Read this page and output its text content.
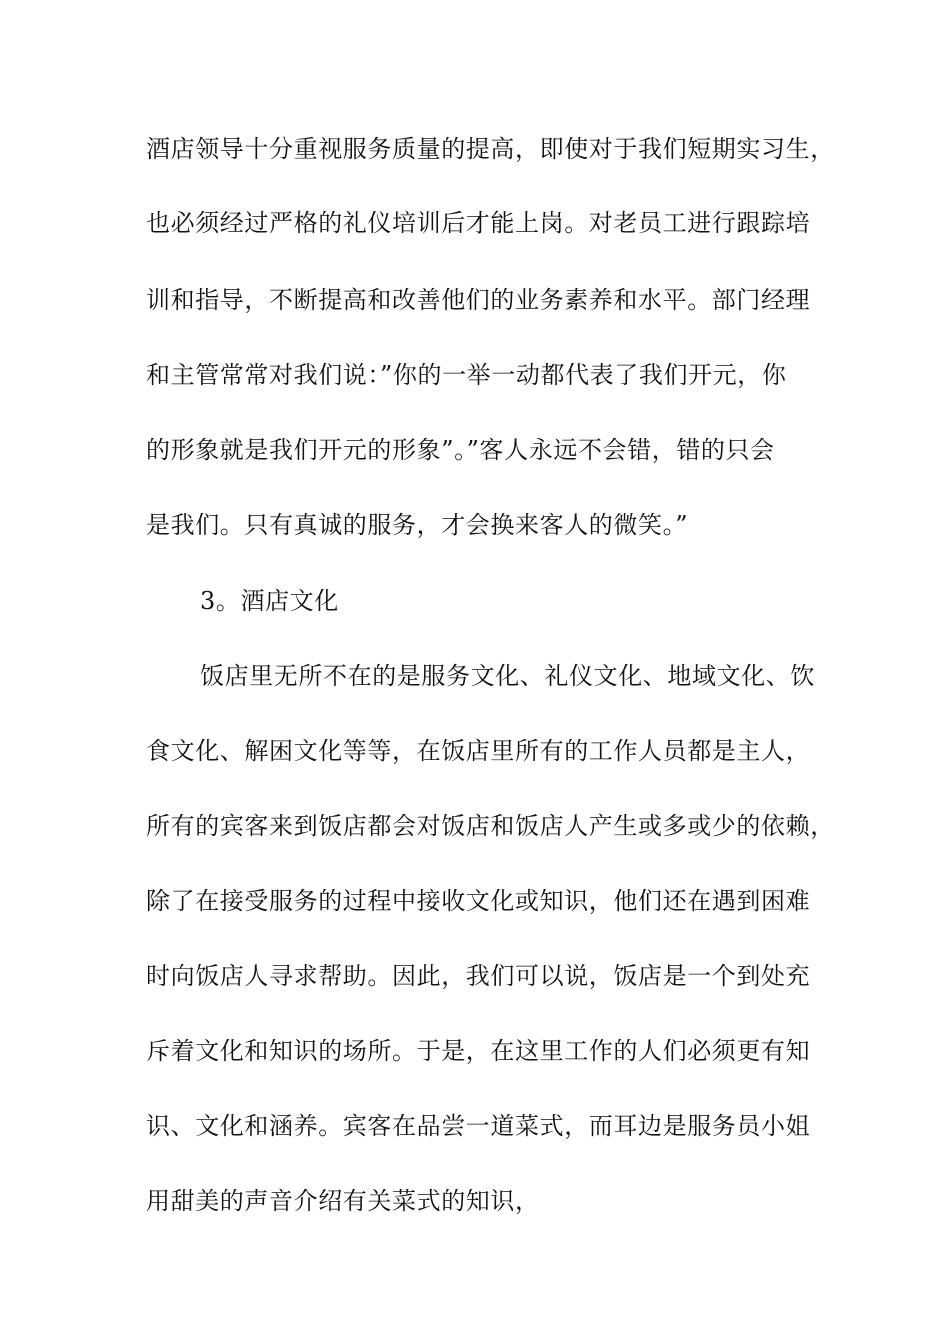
酒店领导十分重视服务质量的提高，即使对于我们短期实习生，
也必须经过严格的礼仪培训后才能上岗。对老员工进行跟踪培
训和指导，不断提高和改善他们的业务素养和水平。部门经理
和主管常常对我们说：”你的一举一动都代表了我们开元，你
的形象就是我们开元的形象”。”客人永远不会错，错的只会
是我们。只有真诚的服务，才会换来客人的微笑。”
3。酒店文化
饭店里无所不在的是服务文化、礼仪文化、地域文化、饮
食文化、解困文化等等，在饭店里所有的工作人员都是主人，
所有的宾客来到饭店都会对饭店和饭店人产生或多或少的依赖，
除了在接受服务的过程中接收文化或知识，他们还在遇到困难
时向饭店人寻求帮助。因此，我们可以说，饭店是一个到处充
斥着文化和知识的场所。于是，在这里工作的人们必须更有知
识、文化和涵养。宾客在品尝一道菜式，而耳边是服务员小姐
用甜美的声音介绍有关菜式的知识，
